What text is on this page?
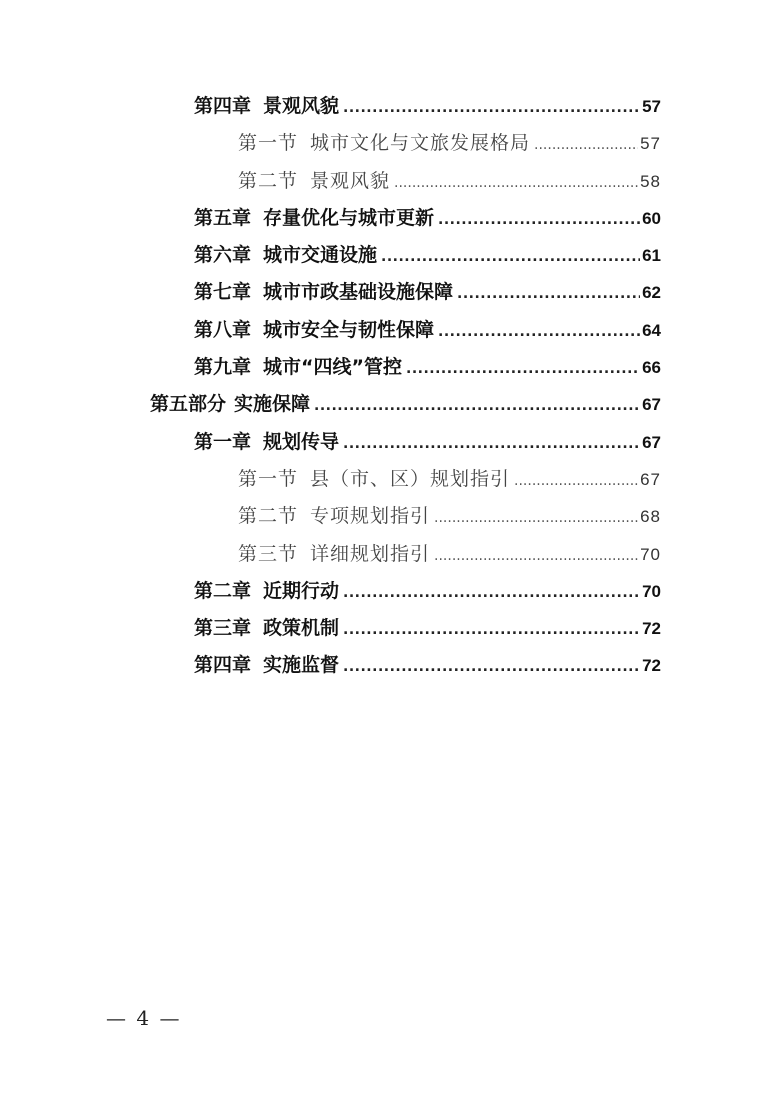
第四章 景观风貌 .....	57
第一节 城市文化与文旅发展格局 .....	57
第二节 景观风貌 .....	58
第五章 存量优化与城市更新 .....	60
第六章 城市交通设施 .....	61
第七章 城市市政基础设施保障 .....	62
第八章 城市安全与韧性保障 .....	64
第九章 城市“四线”管控 .....	66
第五部分 实施保障 .....	67
第一章 规划传导 .....	67
第一节 县（市、区）规划指引 .....	67
第二节 专项规划指引 .....	68
第三节 详细规划指引 .....	70
第二章 近期行动 .....	70
第三章 政策机制 .....	72
第四章 实施监督 .....	72
— 4 —
